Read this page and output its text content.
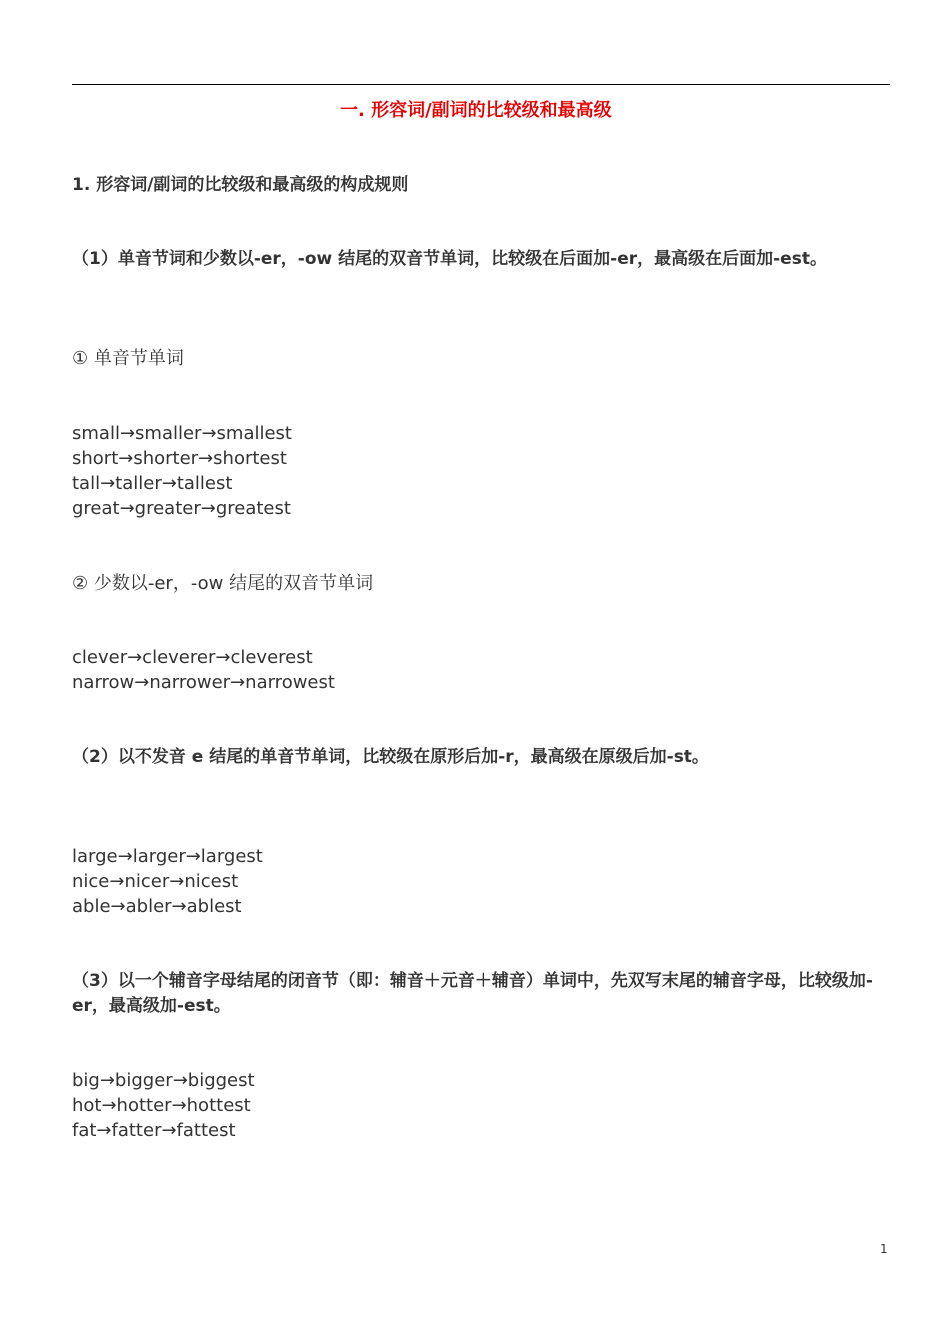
一. 形容词/副词的比较级和最高级
1. 形容词/副词的比较级和最高级的构成规则
（1）单音节词和少数以-er，-ow 结尾的双音节单词，比较级在后面加-er，最高级在后面加-est。
① 单音节单词
small→smaller→smallest
short→shorter→shortest
tall→taller→tallest
great→greater→greatest
② 少数以-er，-ow 结尾的双音节单词
clever→cleverer→cleverest
narrow→narrower→narrowest
（2）以不发音 e 结尾的单音节单词，比较级在原形后加-r，最高级在原级后加-st。
large→larger→largest
nice→nicer→nicest
able→abler→ablest
（3）以一个辅音字母结尾的闭音节（即：辅音＋元音＋辅音）单词中，先双写末尾的辅音字母，比较级加-er，最高级加-est。
big→bigger→biggest
hot→hotter→hottest
fat→fatter→fattest
1
